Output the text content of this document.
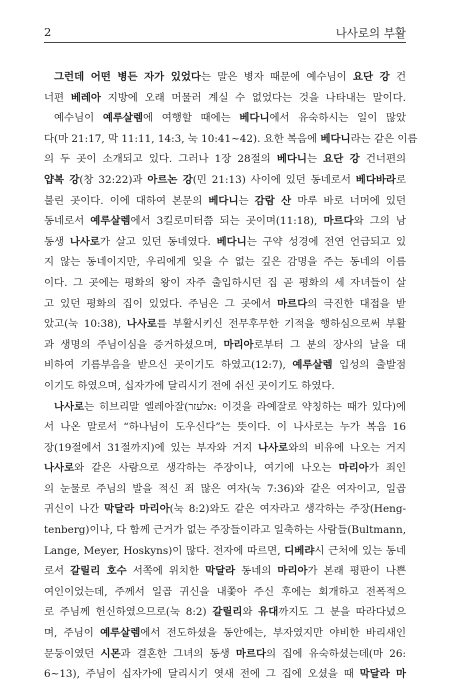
2	나사로의 부활
그런데 어떤 병든 자가 있었다는 말은 병자 때문에 예수님이 요단 강 건
너편 베레아 지방에 오래 머물러 계실 수 없었다는 것을 나타내는 말이다.
예수님이 예루살렘에 여행할 때에는 베다니에서 유숙하시는 일이 많았
다(마 21:17, 막 11:11, 14:3, 눅 10:41~42). 요한 복음에 베다니라는 같은 이름
의 두 곳이 소개되고 있다. 그러나 1장 28절의 베다니는 요단 강 건너편의
얍복 강(창 32:22)과 아르논 강(민 21:13) 사이에 있던 동네로서 베다바라로
불린 곳이다. 이에 대하여 본문의 베다니는 감람 산 마루 바로 너머에 있던
동네로서 예루살렘에서 3킬로미터쯤 되는 곳이며(11:18), 마르다와 그의 남
동생 나사로가 살고 있던 동네였다. 베다니는 구약 성경에 전연 언급되고 있
지 않는 동네이지만, 우리에게 잊을 수 없는 깊은 감명을 주는 동네의 이름
이다. 그 곳에는 평화의 왕이 자주 출입하시던 집 곧 평화의 세 자녀들이 살
고 있던 평화의 집이 있었다. 주님은 그 곳에서 마르다의 극진한 대접을 받
았고(눅 10:38), 나사로를 부활시키신 전무후무한 기적을 행하심으로써 부활
과 생명의 주님이심을 증거하셨으며, 마리아로부터 그 분의 장사의 날을 대
비하여 기름부음을 받으신 곳이기도 하였고(12:7), 예루살렘 입성의 출발점
이기도 하였으며, 십자가에 달리시기 전에 쉬신 곳이기도 하였다.
나사로는 히브리말 엘레아잘(אלעזר: 이것을 라예잘로 약칭하는 때가 있다)에
서 나온 말로서 “하나님이 도우신다”는 뜻이다. 이 나사로는 누가 복음 16
장(19절에서 31절까지)에 있는 부자와 거지 나사로와의 비유에 나오는 거지
나사로와 같은 사람으로 생각하는 주장이나, 여기에 나오는 마리아가 죄인
의 눈물로 주님의 발을 적신 죄 많은 여자(눅 7:36)와 같은 여자이고, 일곱
귀신이 나간 막달라 마리아(눅 8:2)와도 같은 여자라고 생각하는 주장(Heng-
tenberg)이나, 다 함께 근거가 없는 주장들이라고 일축하는 사람들(Bultmann,
Lange, Meyer, Hoskyns)이 많다. 전자에 따르면, 디베랴시 근처에 있는 동네
로서 갈릴리 호수 서쪽에 위치한 막달라 동네의 마리아가 본래 평판이 나쁜
여인이었는데, 주께서 일곱 귀신을 내쫓아 주신 후에는 회개하고 전폭적으
로 주님께 헌신하였으므로(눅 8:2) 갈릴리와 유대까지도 그 분을 따라다녔으
며, 주님이 예루살렘에서 전도하셨을 동안에는, 부자였지만 야비한 바리새인
문둥이였던 시몬과 결혼한 그녀의 동생 마르다의 집에 유숙하셨는데(마 26:
6~13), 주님이 십자가에 달리시기 엿새 전에 그 집에 오셨을 때 막달라 마
